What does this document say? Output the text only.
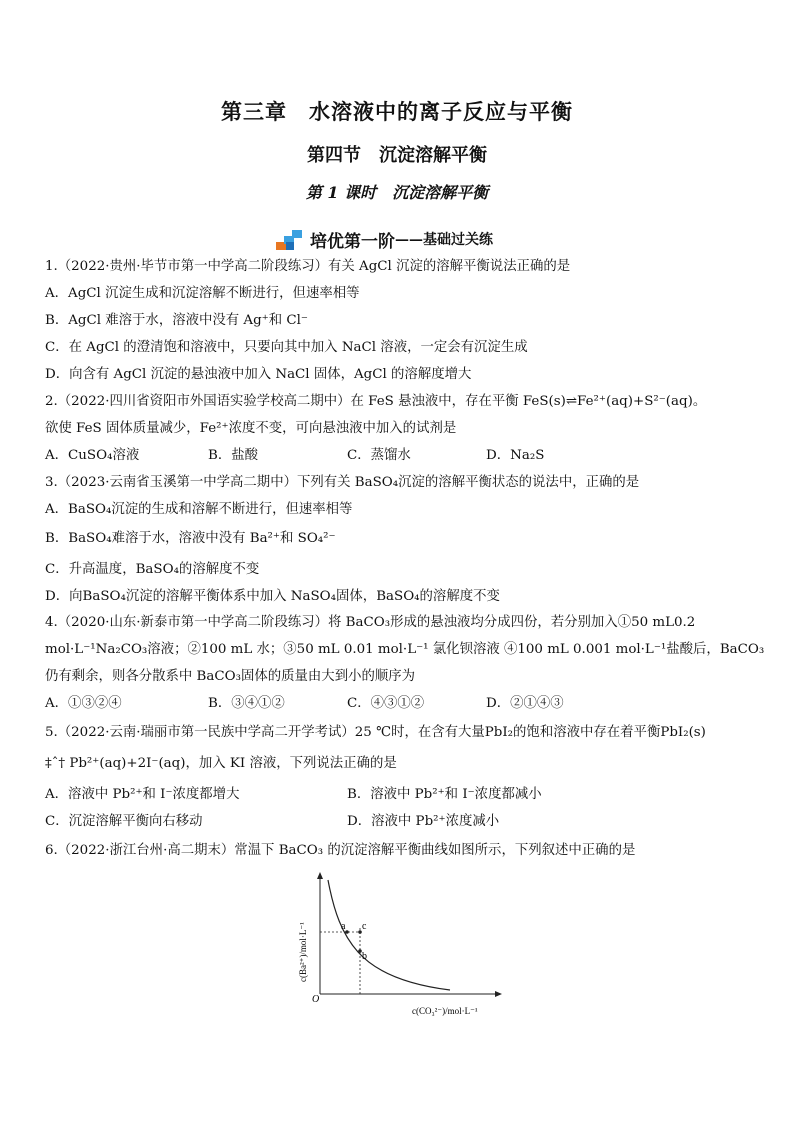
第三章　水溶液中的离子反应与平衡
第四节　沉淀溶解平衡
第 1 课时　沉淀溶解平衡
培优第一阶 ——基础过关练
1.（2022·贵州·毕节市第一中学高二阶段练习）有关 AgCl 沉淀的溶解平衡说法正确的是
A．AgCl 沉淀生成和沉淀溶解不断进行，但速率相等
B．AgCl 难溶于水，溶液中没有 Ag⁺和 Cl⁻
C．在 AgCl 的澄清饱和溶液中，只要向其中加入 NaCl 溶液，一定会有沉淀生成
D．向含有 AgCl 沉淀的悬浊液中加入 NaCl 固体，AgCl 的溶解度增大
2.（2022·四川省资阳市外国语实验学校高二期中）在 FeS 悬浊液中，存在平衡 FeS(s)⇌Fe²⁺(aq)+S²⁻(aq)。
欲使 FeS 固体质量减少，Fe²⁺浓度不变，可向悬浊液中加入的试剂是
A．CuSO₄溶液	B．盐酸	C．蒸馏水	D．Na₂S
3.（2023·云南省玉溪第一中学高二期中）下列有关 BaSO₄沉淀的溶解平衡状态的说法中，正确的是
A．BaSO₄沉淀的生成和溶解不断进行，但速率相等
B．BaSO₄难溶于水，溶液中没有 Ba²⁺和 SO₄²⁻
C．升高温度，BaSO₄的溶解度不变
D．向BaSO₄沉淀的溶解平衡体系中加入 NaSO₄固体，BaSO₄的溶解度不变
4.（2020·山东·新泰市第一中学高二阶段练习）将 BaCO₃形成的悬浊液均分成四份，若分别加入①50 mL0.2
mol·L⁻¹Na₂CO₃溶液；②100 mL 水；③50 mL 0.01 mol·L⁻¹ 氯化钡溶液 ④100 mL 0.001 mol·L⁻¹盐酸后，BaCO₃
仍有剩余，则各分散系中 BaCO₃固体的质量由大到小的顺序为
A．①③②④	B．③④①②	C．④③①②	D．②①④③
5.（2022·云南·瑞丽市第一民族中学高二开学考试）25 ℃时，在含有大量PbI₂的饱和溶液中存在着平衡PbI₂(s)
‡ˆ† Pb²⁺(aq)+2I⁻(aq)，加入 KI 溶液，下列说法正确的是
A．溶液中 Pb²⁺和 I⁻浓度都增大	B．溶液中 Pb²⁺和 I⁻浓度都减小
C．沉淀溶解平衡向右移动	D．溶液中 Pb²⁺浓度减小
6.（2022·浙江台州·高二期末）常温下 BaCO₃ 的沉淀溶解平衡曲线如图所示，下列叙述中正确的是
a c
b
O
c(Ba²⁺)/mol·L⁻¹
c(CO₃²⁻)/mol·L⁻¹
